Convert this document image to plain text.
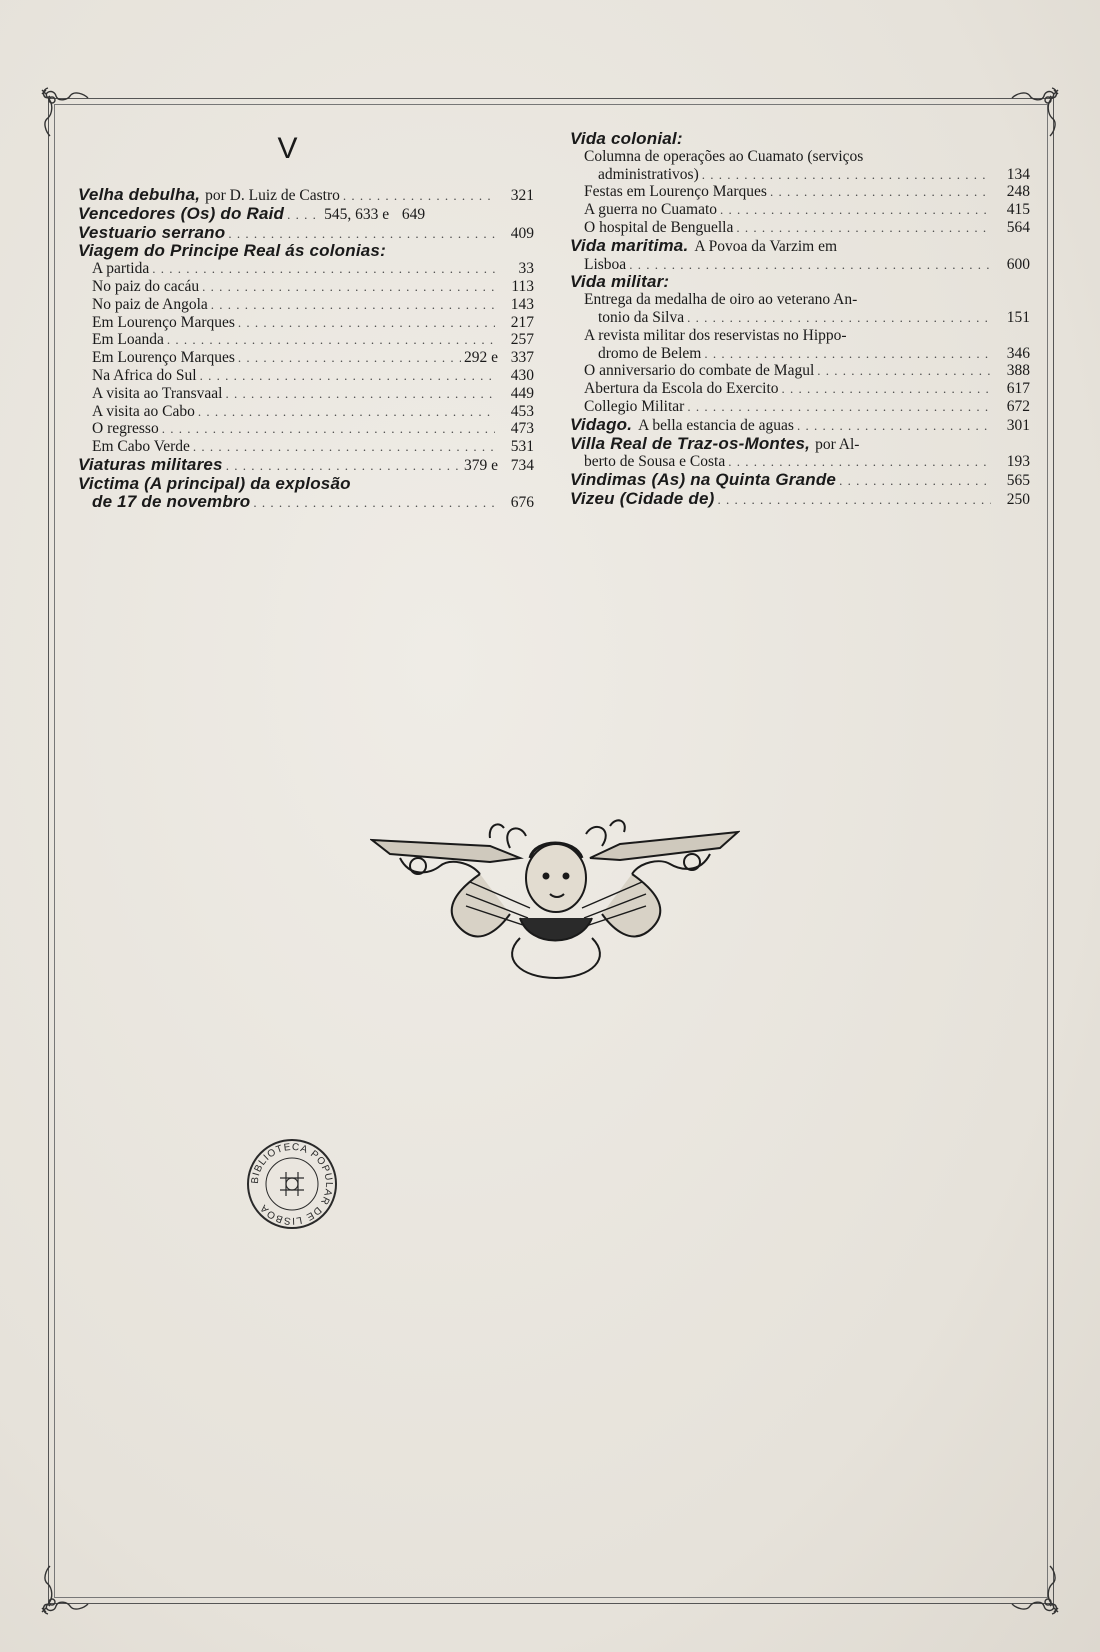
V
Velha debulha, por D. Luiz de Castro . . .	321
Vencedores (Os) do Raid . . .	545, 633 e 649
Vestuario serrano . . .	409
Viagem do Principe Real ás colonias:
A partida . . .	33
No paiz do cacáu . . .	113
No paiz de Angola . . .	143
Em Lourenço Marques . . .	217
Em Loanda . . .	257
Em Lourenço Marques . . .	292 e 337
Na Africa do Sul . . .	430
A visita ao Transvaal . . .	449
A visita ao Cabo . . .	453
O regresso . . .	473
Em Cabo Verde . . .	531
Viaturas militares . . .	379 e 734
Victima (A principal) da explosão
de 17 de novembro . . .	676
Vida colonial:
Columna de operações ao Cuamato (serviços
administrativos) . . .	134
Festas em Lourenço Marques . . .	248
A guerra no Cuamato . . .	415
O hospital de Benguella . . .	564
Vida maritima. A Povoa da Varzim em
Lisboa . . .	600
Vida militar:
Entrega da medalha de oiro ao veterano An-
tonio da Silva . . .	151
A revista militar dos reservistas no Hippo-
dromo de Belem . . .	346
O anniversario do combate de Magul . . .	388
Abertura da Escola do Exercito . . .	617
Collegio Militar . . .	672
Vidago. A bella estancia de aguas . . .	301
Villa Real de Traz-os-Montes, por Al-
berto de Sousa e Costa . . .	193
Vindimas (As) na Quinta Grande . . .	565
Vizeu (Cidade de) . . .	250
BIBLIOTECA POPULAR DE LISBOA
